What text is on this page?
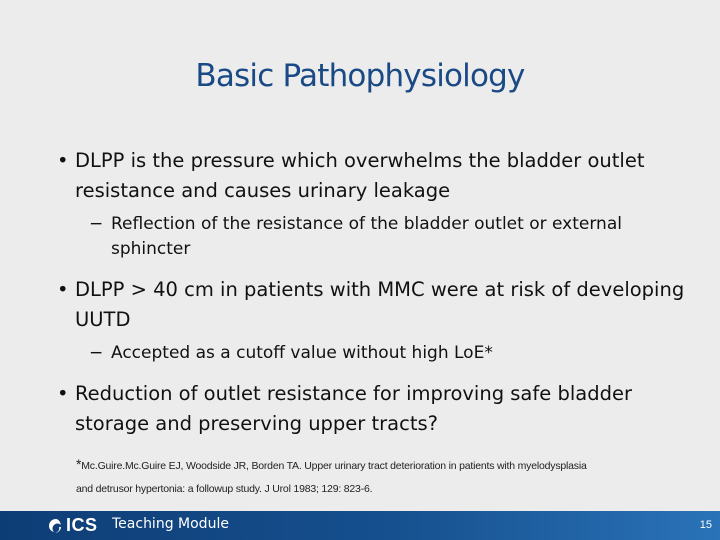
Basic Pathophysiology
• DLPP is the pressure which overwhelms the bladder outlet resistance and causes urinary leakage
− Reflection of the resistance of the bladder outlet or external sphincter
• DLPP > 40 cm in patients with MMC were at risk of developing UUTD
− Accepted as a cutoff value without high LoE*
• Reduction of outlet resistance for improving safe bladder storage and preserving upper tracts?
*Mc.Guire.Mc.Guire EJ, Woodside JR, Borden TA. Upper urinary tract deterioration in patients with myelodysplasia
and detrusor hypertonia: a followup study. J Urol 1983; 129: 823-6.
ICS Teaching Module	15
